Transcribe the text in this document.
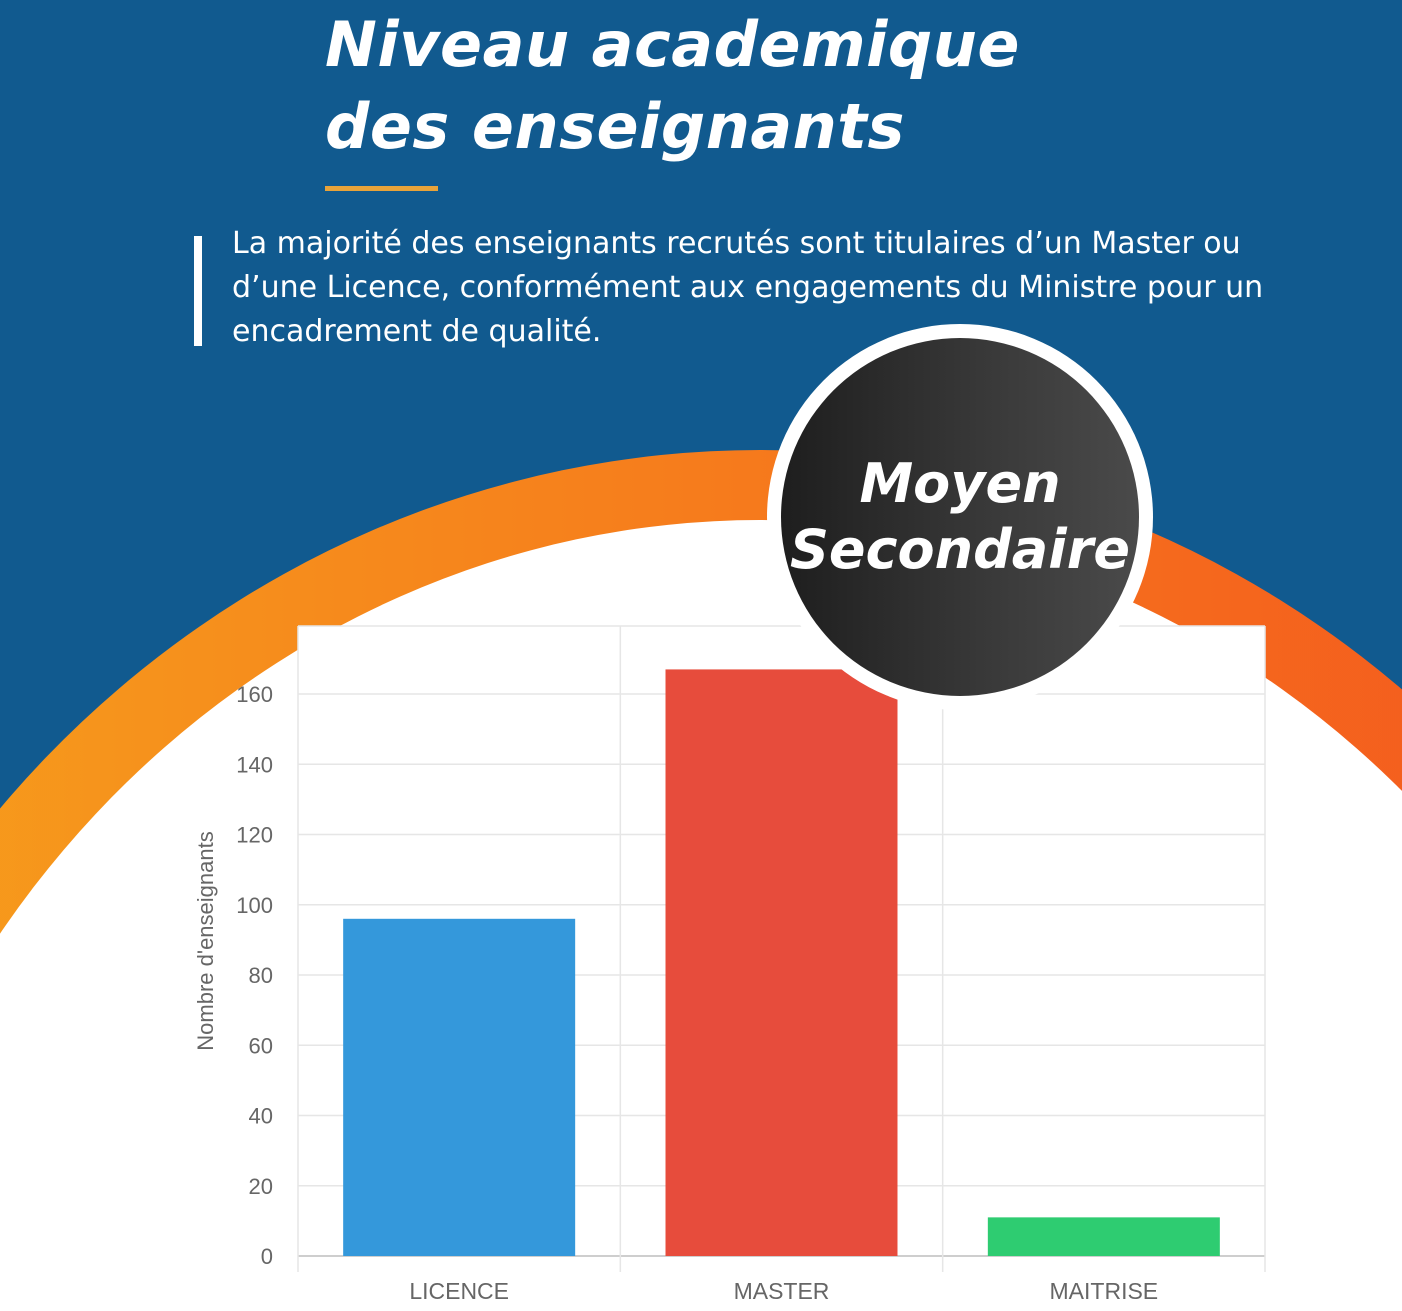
Niveau academique
des enseignants
La majorité des enseignants recrutés sont titulaires d’un Master ou
d’une Licence, conformément aux engagements du Ministre pour un
encadrement de qualité.
0
20
40
60
80
100
120
140
160
Nombre d'enseignants
LICENCE	MASTER	MAITRISE
Moyen
Secondaire
